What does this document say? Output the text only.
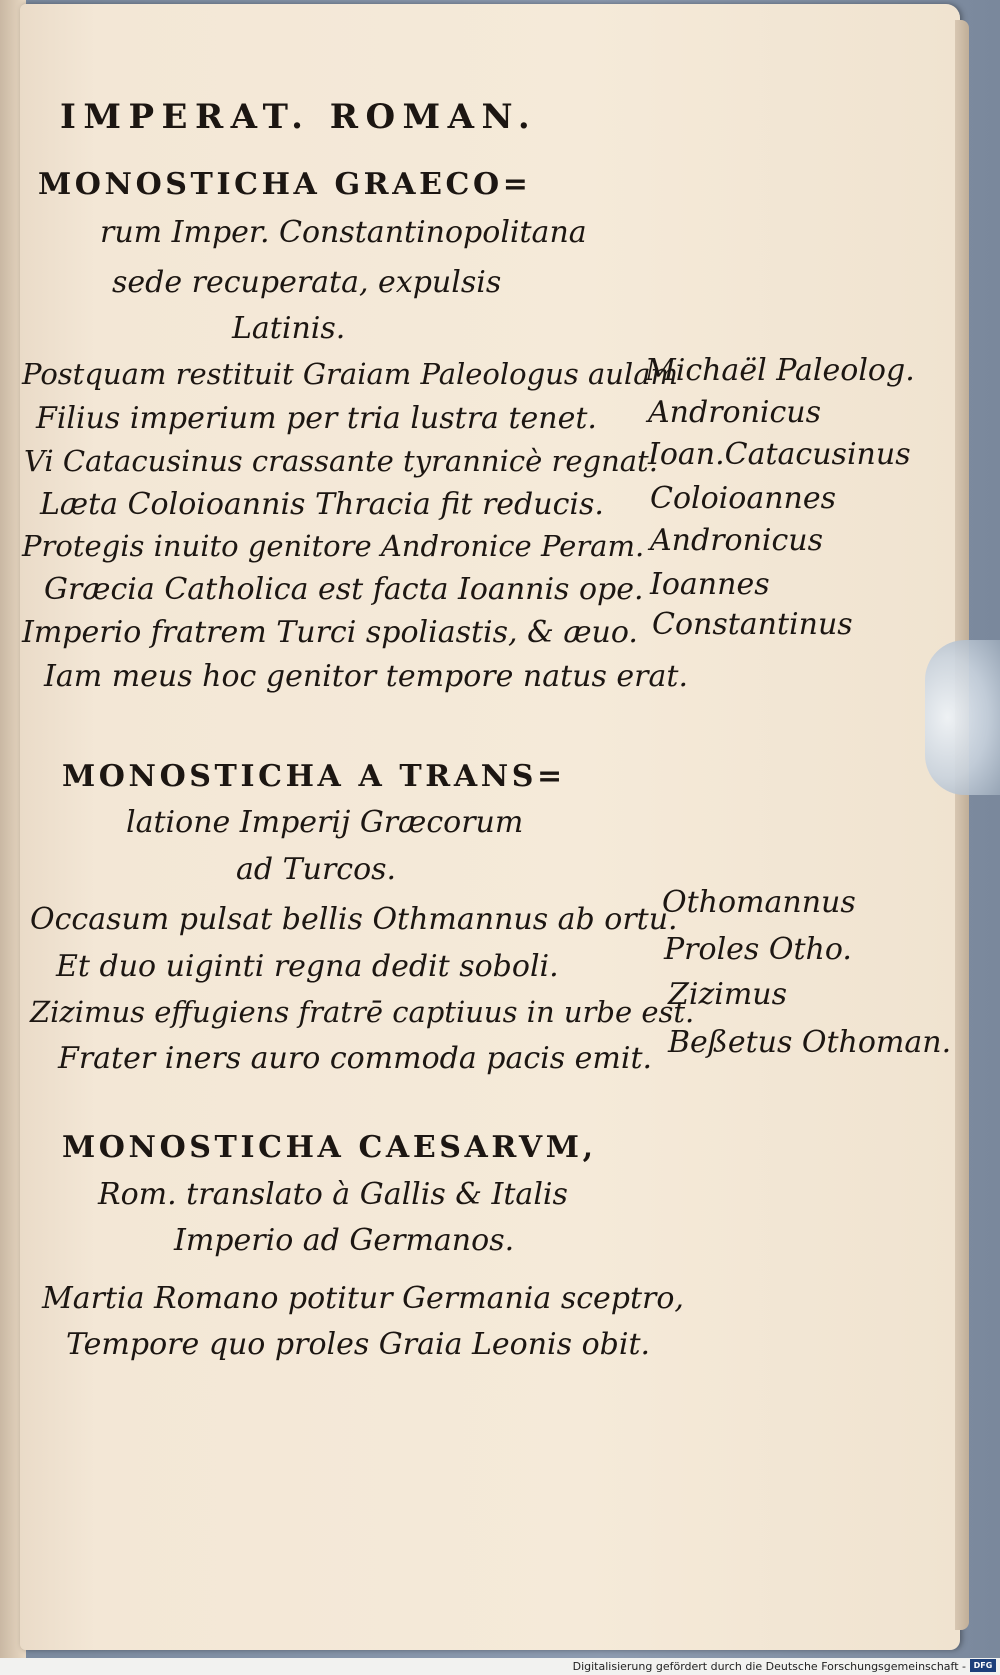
IMPERAT. ROMAN.
MONOSTICHA GRAECO=
rum Imper. Constantinopolitana
sede recuperata, expulsis
Latinis.
Postquam restituit Graiam Paleologus aulam
Filius imperium per tria lustra tenet.
Vi Catacusinus crassante tyrannicè regnat.
Læta Coloioannis Thracia fit reducis.
Protegis inuito genitore Andronice Peram.
Græcia Catholica est facta Ioannis ope.
Imperio fratrem Turci spoliastis, & æuo.
Iam meus hoc genitor tempore natus erat.
Michaël Paleolog.
Andronicus
Ioan.Catacusinus
Coloioannes
Andronicus
Ioannes
Constantinus
MONOSTICHA A TRANS=
latione Imperij Græcorum
ad Turcos.
Occasum pulsat bellis Othmannus ab ortu.
Et duo uiginti regna dedit soboli.
Zizimus effugiens fratrē captiuus in urbe est.
Frater iners auro commoda pacis emit.
Othomannus
Proles Otho.
Zizimus
Beßetus Othoman.
MONOSTICHA CAESARVM,
Rom. translato à Gallis & Italis
Imperio ad Germanos.
Martia Romano potitur Germania sceptro,
Tempore quo proles Graia Leonis obit.
Digitalisierung gefördert durch die Deutsche Forschungsgemeinschaft - DFG
